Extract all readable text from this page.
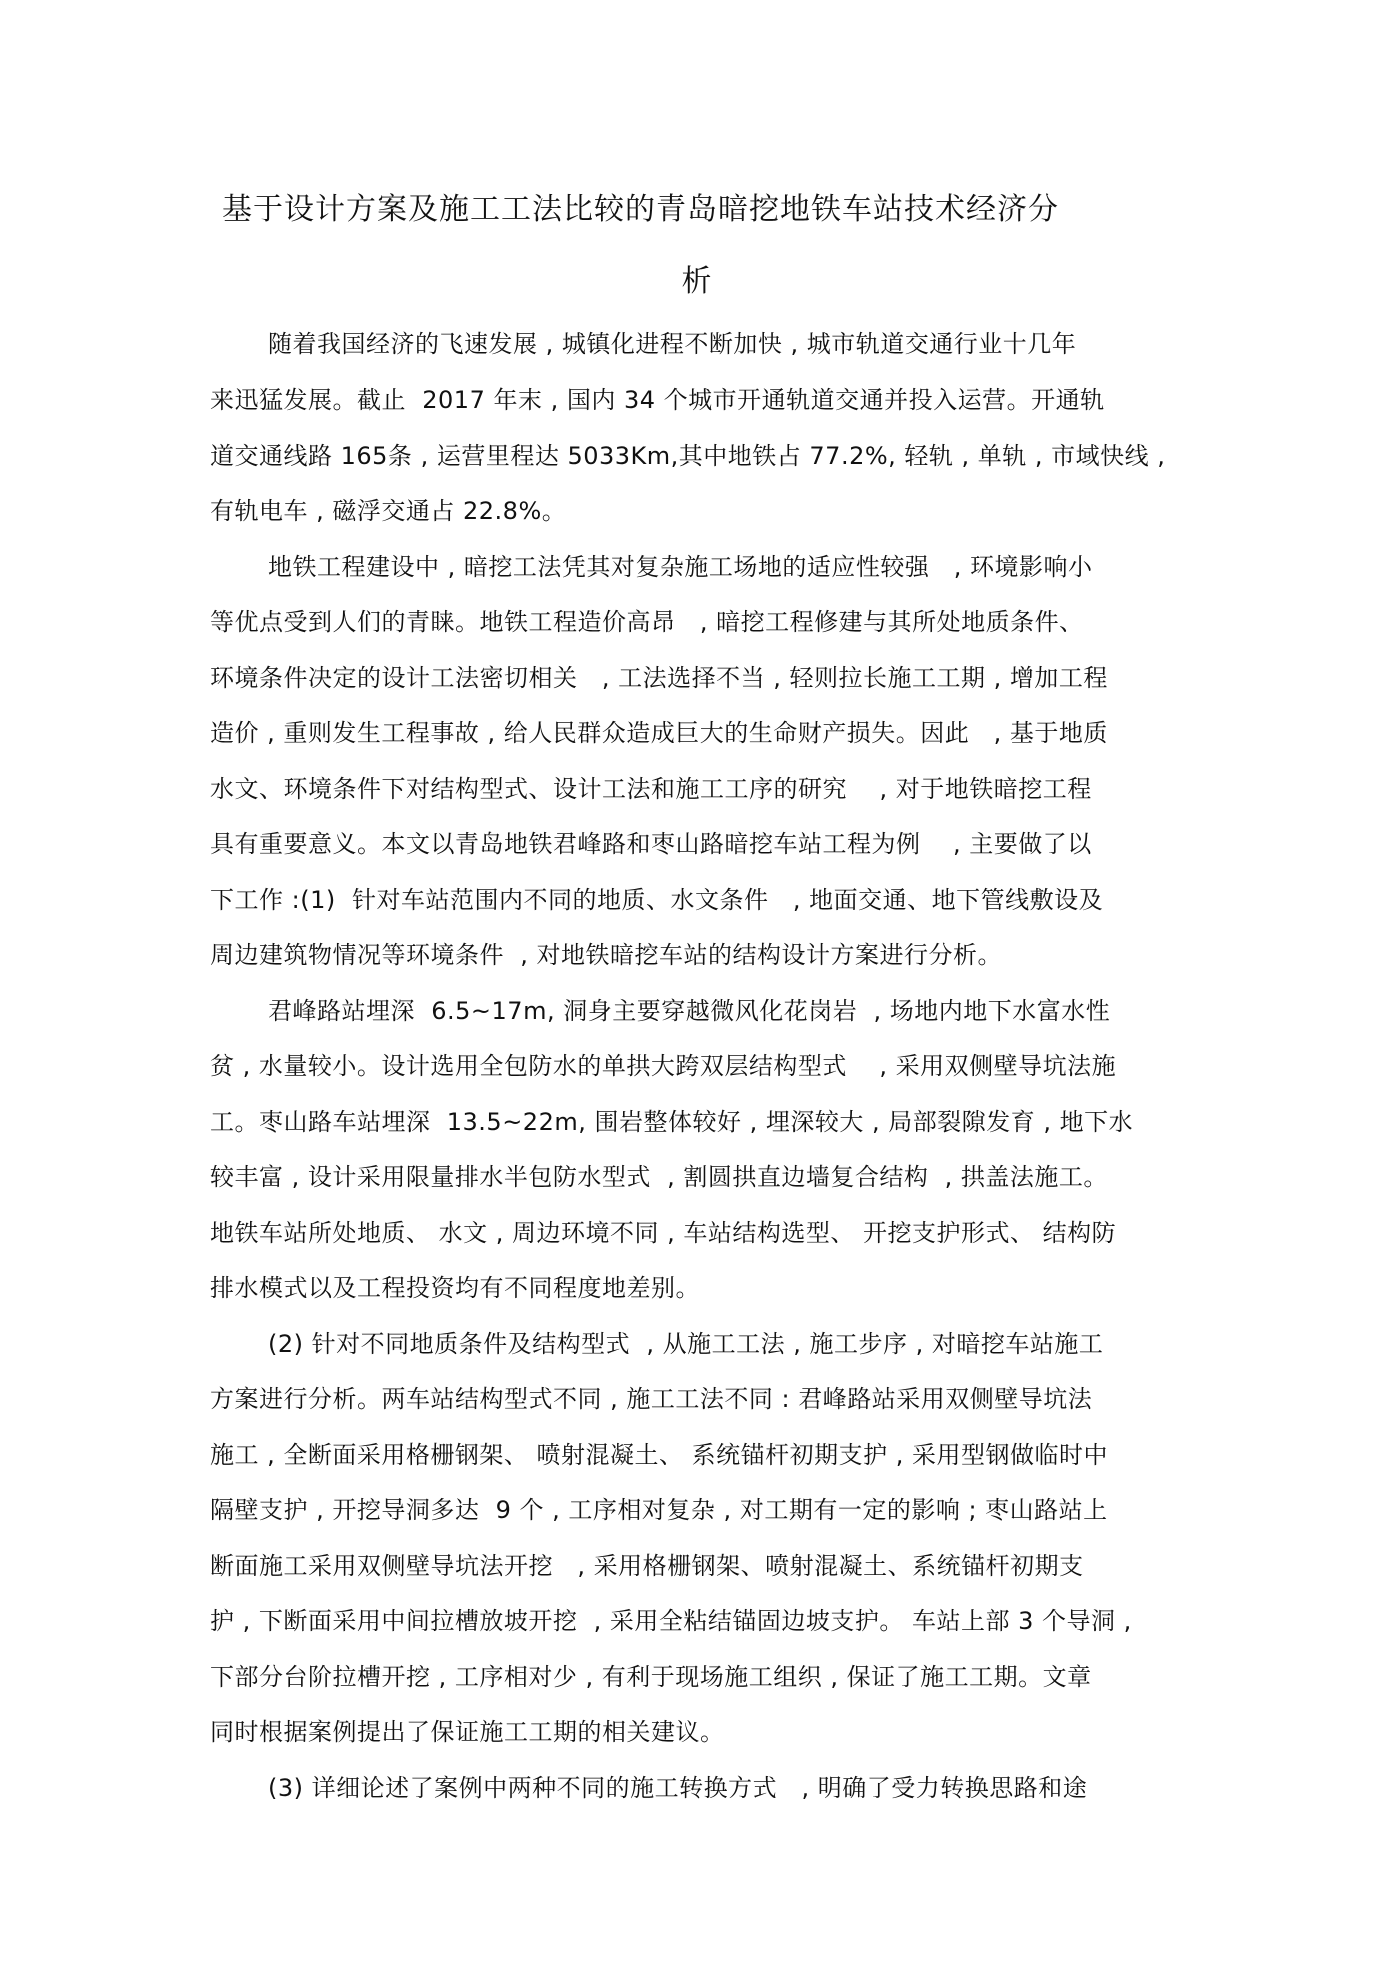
基于设计方案及施工工法比较的青岛暗挖地铁车站技术经济分
析
随着我国经济的飞速发展 , 城镇化进程不断加快 , 城市轨道交通行业十几年
来迅猛发展。截止  2017 年末 , 国内 34 个城市开通轨道交通并投入运营。开通轨
道交通线路 165条 , 运营里程达 5033Km,其中地铁占 77.2%, 轻轨 , 单轨 , 市域快线 ,
有轨电车 , 磁浮交通占 22.8%。
地铁工程建设中 , 暗挖工法凭其对复杂施工场地的适应性较强   , 环境影响小
等优点受到人们的青睐。地铁工程造价高昂   , 暗挖工程修建与其所处地质条件、
环境条件决定的设计工法密切相关   , 工法选择不当 , 轻则拉长施工工期 , 增加工程
造价 , 重则发生工程事故 , 给人民群众造成巨大的生命财产损失。因此   , 基于地质
水文、环境条件下对结构型式、设计工法和施工工序的研究    , 对于地铁暗挖工程
具有重要意义。本文以青岛地铁君峰路和枣山路暗挖车站工程为例    , 主要做了以
下工作 :(1)  针对车站范围内不同的地质、水文条件   , 地面交通、地下管线敷设及
周边建筑物情况等环境条件  , 对地铁暗挖车站的结构设计方案进行分析。
君峰路站埋深  6.5~17m, 洞身主要穿越微风化花岗岩  , 场地内地下水富水性
贫 , 水量较小。设计选用全包防水的单拱大跨双层结构型式    , 采用双侧壁导坑法施
工。枣山路车站埋深  13.5~22m, 围岩整体较好 , 埋深较大 , 局部裂隙发育 , 地下水
较丰富 , 设计采用限量排水半包防水型式  , 割圆拱直边墙复合结构  , 拱盖法施工。
地铁车站所处地质、 水文 , 周边环境不同 , 车站结构选型、 开挖支护形式、 结构防
排水模式以及工程投资均有不同程度地差别。
(2) 针对不同地质条件及结构型式  , 从施工工法 , 施工步序 , 对暗挖车站施工
方案进行分析。两车站结构型式不同 , 施工工法不同 : 君峰路站采用双侧壁导坑法
施工 , 全断面采用格栅钢架、 喷射混凝土、 系统锚杆初期支护 , 采用型钢做临时中
隔壁支护 , 开挖导洞多达  9 个 , 工序相对复杂 , 对工期有一定的影响 ; 枣山路站上
断面施工采用双侧壁导坑法开挖   , 采用格栅钢架、喷射混凝土、系统锚杆初期支
护 , 下断面采用中间拉槽放坡开挖  , 采用全粘结锚固边坡支护。 车站上部 3 个导洞 ,
下部分台阶拉槽开挖 , 工序相对少 , 有利于现场施工组织 , 保证了施工工期。文章
同时根据案例提出了保证施工工期的相关建议。
(3) 详细论述了案例中两种不同的施工转换方式   , 明确了受力转换思路和途
